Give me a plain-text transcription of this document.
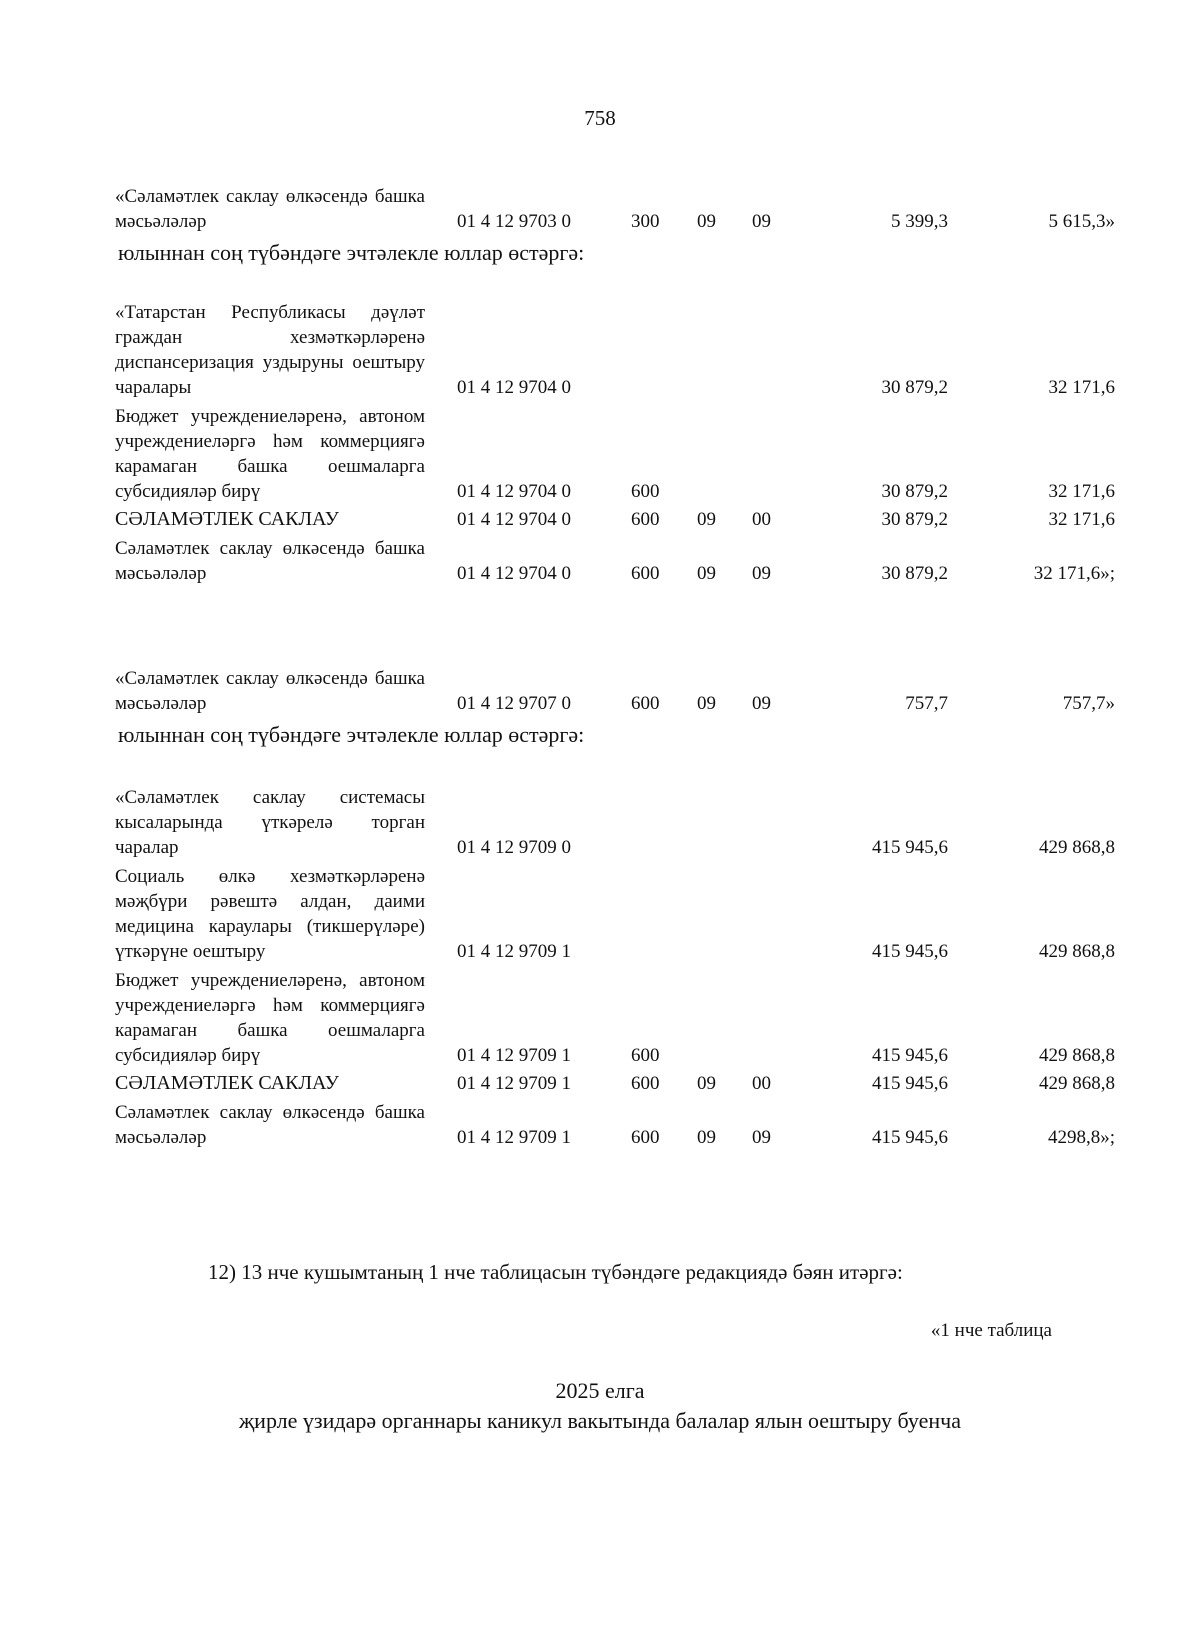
758
«Сәламәтлек саклау өлкәсендә башка мәсьәләләр	01 4 12 9703 0	300 09 09	5 399,3	5 615,3»
юлыннан соң түбәндәге эчтәлекле юллар өстәргә:
«Татарстан Республикасы дәүләт граждан хезмәткәрләренә диспансеризация уздыруны оештыру чаралары	01 4 12 9704 0	30 879,2	32 171,6
Бюджет учреждениеләренә, автоном учреждениеләргә һәм коммерциягә карамаган башка оешмаларга субсидияләр бирү	01 4 12 9704 0	600	30 879,2	32 171,6
СӘЛАМӘТЛЕК САКЛАУ	01 4 12 9704 0	600 09 00	30 879,2	32 171,6
Сәламәтлек саклау өлкәсендә башка мәсьәләләр	01 4 12 9704 0	600 09 09	30 879,2	32 171,6»;
«Сәламәтлек саклау өлкәсендә башка мәсьәләләр	01 4 12 9707 0	600 09 09	757,7	757,7»
юлыннан соң түбәндәге эчтәлекле юллар өстәргә:
«Сәламәтлек саклау системасы кысаларында үткәрелә торган чаралар	01 4 12 9709 0	415 945,6	429 868,8
Социаль өлкә хезмәткәрләренә мәҗбүри рәвештә алдан, даими медицина караулары (тикшерүләре) үткәрүне оештыру	01 4 12 9709 1	415 945,6	429 868,8
Бюджет учреждениеләренә, автоном учреждениеләргә һәм коммерциягә карамаган башка оешмаларга субсидияләр бирү	01 4 12 9709 1	600	415 945,6	429 868,8
СӘЛАМӘТЛЕК САКЛАУ	01 4 12 9709 1	600 09 00	415 945,6	429 868,8
Сәламәтлек саклау өлкәсендә башка мәсьәләләр	01 4 12 9709 1	600 09 09	415 945,6	4298,8»;
12) 13 нче кушымтаның 1 нче таблицасын түбәндәге редакциядә бәян итәргә:
«1 нче таблица
2025 елга
җирле үзидарә органнары каникул вакытында балалар ялын оештыру буенча
